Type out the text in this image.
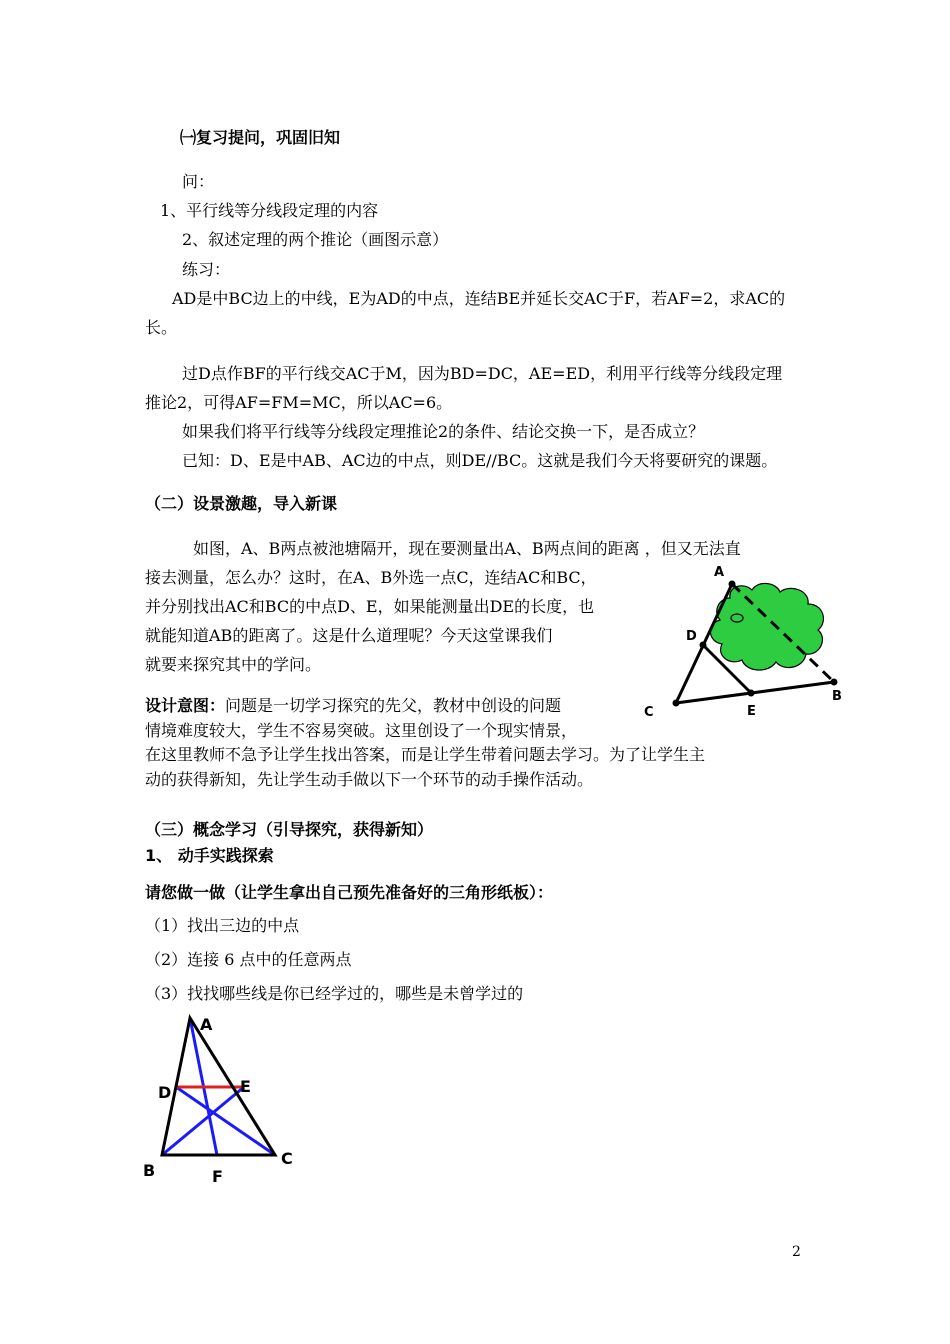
㈠复习提问，巩固旧知
问：
1、平行线等分线段定理的内容
2、叙述定理的两个推论（画图示意）
练习：
AD是中BC边上的中线，E为AD的中点，连结BE并延长交AC于F，若AF=2，求AC的
长。
过D点作BF的平行线交AC于M，因为BD=DC，AE=ED，利用平行线等分线段定理
推论2，可得AF=FM=MC，所以AC=6。
如果我们将平行线等分线段定理推论2的条件、结论交换一下，是否成立？
已知：D、E是中AB、AC边的中点，则DE//BC。这就是我们今天将要研究的课题。
（二）设景激趣，导入新课
如图，A、B两点被池塘隔开，现在要测量出A、B两点间的距离 ，但又无法直
接去测量，怎么办？这时，在A、B外选一点C，连结AC和BC，
并分别找出AC和BC的中点D、E，如果能测量出DE的长度，也
就能知道AB的距离了。这是什么道理呢？今天这堂课我们
就要来探究其中的学问。
设计意图：问题是一切学习探究的先父，教材中创设的问题
情境难度较大，学生不容易突破。这里创设了一个现实情景，
在这里教师不急予让学生找出答案，而是让学生带着问题去学习。为了让学生主
动的获得新知，先让学生动手做以下一个环节的动手操作活动。
A
D
B
C	E
（三）概念学习（引导探究，获得新知）
1、 动手实践探索
请您做一做（让学生拿出自己预先准备好的三角形纸板）：
（1）找出三边的中点
（2）连接 6 点中的任意两点
（3）找找哪些线是你已经学过的，哪些是未曾学过的
A
D	E
B	F
C
2
